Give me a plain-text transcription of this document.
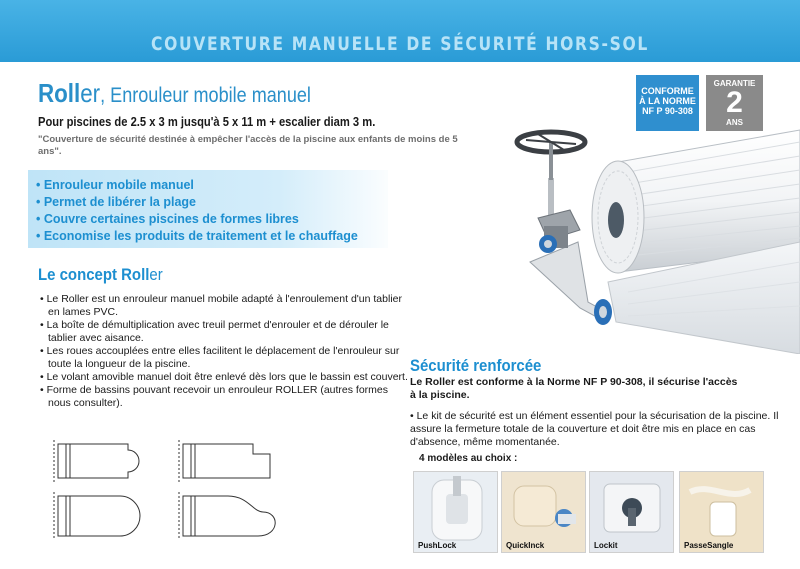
COUVERTURE MANUELLE DE SÉCURITÉ HORS-SOL
Roller, Enrouleur mobile manuel
Pour piscines de 2.5 x 3 m jusqu'à 5 x 11 m + escalier diam 3 m.
"Couverture de sécurité destinée à empêcher l'accès de la piscine aux enfants de moins de 5 ans".
CONFORME
À LA NORME
NF P 90-308
GARANTIE
2
ANS
• Enrouleur mobile manuel
• Permet de libérer la plage
• Couvre certaines piscines de formes libres
• Economise les produits de traitement et le chauffage
Le concept Roller
• Le Roller est un enrouleur manuel mobile adapté à l'enroulement d'un tablier en lames PVC.
• La boîte de démultiplication avec treuil permet d'enrouler et de dérouler le tablier avec aisance.
• Les roues accouplées entre elles facilitent le déplacement de l'enrouleur sur toute la longueur de la piscine.
• Le volant amovible manuel doit être enlevé dès lors que le bassin est couvert.
• Forme de bassins pouvant recevoir un enrouleur ROLLER (autres formes nous consulter).
Sécurité renforcée
Le Roller est conforme à la Norme NF P 90-308, il sécurise l'accès à la piscine.
• Le kit de sécurité est un élément essentiel pour la sécurisation de la piscine. Il assure la fermeture totale de la couverture et doit être mis en place en cas d'absence, même momentanée.
4 modèles au choix :
PushLock	QuickInck	Lockit	PasseSangle
